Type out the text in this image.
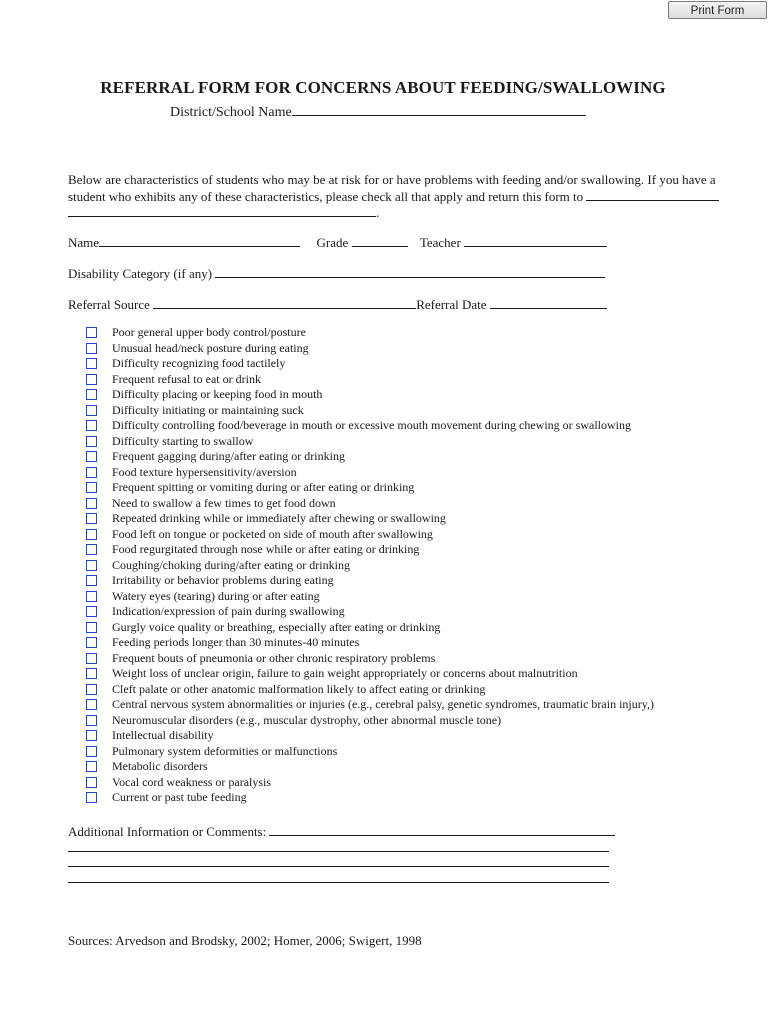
Print Form
REFERRAL FORM FOR CONCERNS ABOUT FEEDING/SWALLOWING
District/School Name
Below are characteristics of students who may be at risk for or have problems with feeding and/or swallowing. If you have a
student who exhibits any of these characteristics, please check all that apply and return this form to
.
Name	Grade	Teacher
Disability Category (if any)
Referral Source	Referral Date
Poor general upper body control/posture
Unusual head/neck posture during eating
Difficulty recognizing food tactilely
Frequent refusal to eat or drink
Difficulty placing or keeping food in mouth
Difficulty initiating or maintaining suck
Difficulty controlling food/beverage in mouth or excessive mouth movement during chewing or swallowing
Difficulty starting to swallow
Frequent gagging during/after eating or drinking
Food texture hypersensitivity/aversion
Frequent spitting or vomiting during or after eating or drinking
Need to swallow a few times to get food down
Repeated drinking while or immediately after chewing or swallowing
Food left on tongue or pocketed on side of mouth after swallowing
Food regurgitated through nose while or after eating or drinking
Coughing/choking during/after eating or drinking
Irritability or behavior problems during eating
Watery eyes (tearing) during or after eating
Indication/expression of pain during swallowing
Gurgly voice quality or breathing, especially after eating or drinking
Feeding periods longer than 30 minutes-40 minutes
Frequent bouts of pneumonia or other chronic respiratory problems
Weight loss of unclear origin, failure to gain weight appropriately or concerns about malnutrition
Cleft palate or other anatomic malformation likely to affect eating or drinking
Central nervous system abnormalities or injuries (e.g., cerebral palsy, genetic syndromes, traumatic brain injury,)
Neuromuscular disorders (e.g., muscular dystrophy, other abnormal muscle tone)
Intellectual disability
Pulmonary system deformities or malfunctions
Metabolic disorders
Vocal cord weakness or paralysis
Current or past tube feeding
Additional Information or Comments:
Sources: Arvedson and Brodsky, 2002; Homer, 2006; Swigert, 1998
